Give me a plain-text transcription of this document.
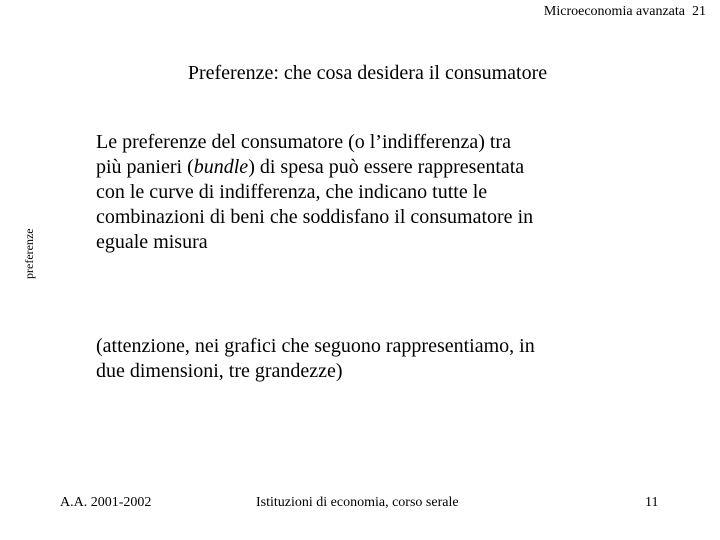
Microeconomia avanzata 21
Preferenze: che cosa desidera il consumatore
preferenze
Le preferenze del consumatore (o l’indifferenza) tra
più panieri (bundle) di spesa può essere rappresentata
con le curve di indifferenza, che indicano tutte le
combinazioni di beni che soddisfano il consumatore in
eguale misura
(attenzione, nei grafici che seguono rappresentiamo, in
due dimensioni, tre grandezze)
A.A. 2001-2002	Istituzioni di economia, corso serale	11
